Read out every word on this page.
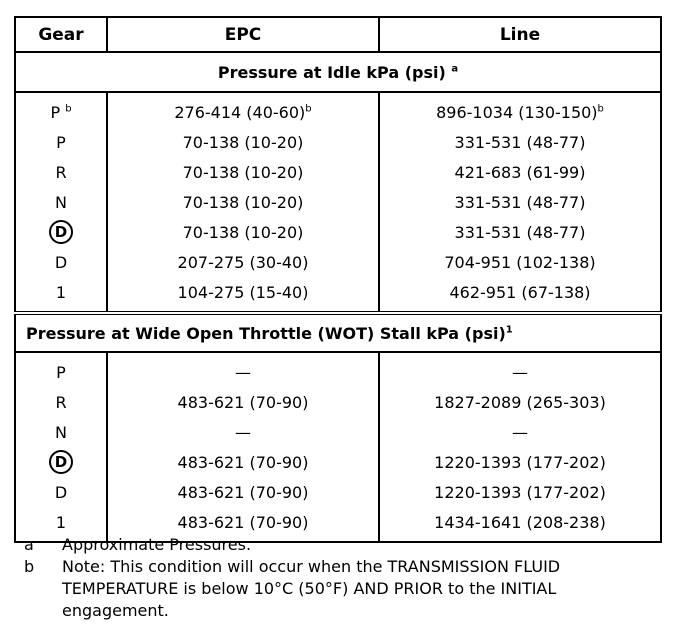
Gear	EPC	Line
Pressure at Idle kPa (psi) $^a$
P $^b$	276-414 $(40-60)^b$	896-1034 $(130-150)^b$
P	70-138 (10-20)	331-531 (48-77)
R	70-138 (10-20)	421-683 (61-99)
N	70-138 (10-20)	331-531 (48-77)
D	70-138 (10-20)	331-531 (48-77)
D	207-275 (30-40)	704-951 (102-138)
1	104-275 (15-40)	462-951 (67-138)
Pressure at Wide Open Throttle (WOT) Stall kPa (psi)$^1$
P	—	—
R	483-621 (70-90)	1827-2089 (265-303)
N	—	—
D	483-621 (70-90)	1220-1393 (177-202)
D	483-621 (70-90)	1220-1393 (177-202)
1	483-621 (70-90)	1434-1641 (208-238)
a	Approximate Pressures.
b	Note: This condition will occur when the TRANSMISSION FLUID TEMPERATURE is below 10°C (50°F) AND PRIOR to the INITIAL engagement.
